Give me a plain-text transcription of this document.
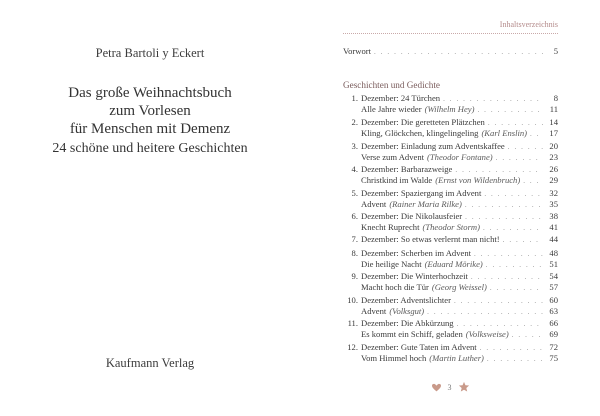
Petra Bartoli y Eckert
Das große Weihnachtsbuch
zum Vorlesen
für Menschen mit Demenz
24 schöne und heitere Geschichten
Kaufmann Verlag
Inhaltsverzeichnis
Vorwort . . .	5
Geschichten und Gedichte
1. Dezember: 24 Türchen . . .	8
Alle Jahre wieder (Wilhelm Hey) . . .	11
2. Dezember: Die geretteten Plätzchen . . .	14
Kling, Glöckchen, klingelingeling (Karl Enslin) . . .	17
3. Dezember: Einladung zum Adventskaffee . . .	20
Verse zum Advent (Theodor Fontane) . . .	23
4. Dezember: Barbarazweige . . .	26
Christkind im Walde (Ernst von Wildenbruch) . . .	29
5. Dezember: Spaziergang im Advent . . .	32
Advent (Rainer Maria Rilke) . . .	35
6. Dezember: Die Nikolausfeier . . .	38
Knecht Ruprecht (Theodor Storm) . . .	41
7. Dezember: So etwas verlernt man nicht! . . .	44
8. Dezember: Scherben im Advent . . .	48
Die heilige Nacht (Eduard Mörike) . . .	51
9. Dezember: Die Winterhochzeit . . .	54
Macht hoch die Tür (Georg Weissel) . . .	57
10. Dezember: Adventslichter . . .	60
Advent (Volksgut) . . .	63
11. Dezember: Die Abkürzung . . .	66
Es kommt ein Schiff, geladen (Volksweise) . . .	69
12. Dezember: Gute Taten im Advent . . .	72
Vom Himmel hoch (Martin Luther) . . .	75
3
